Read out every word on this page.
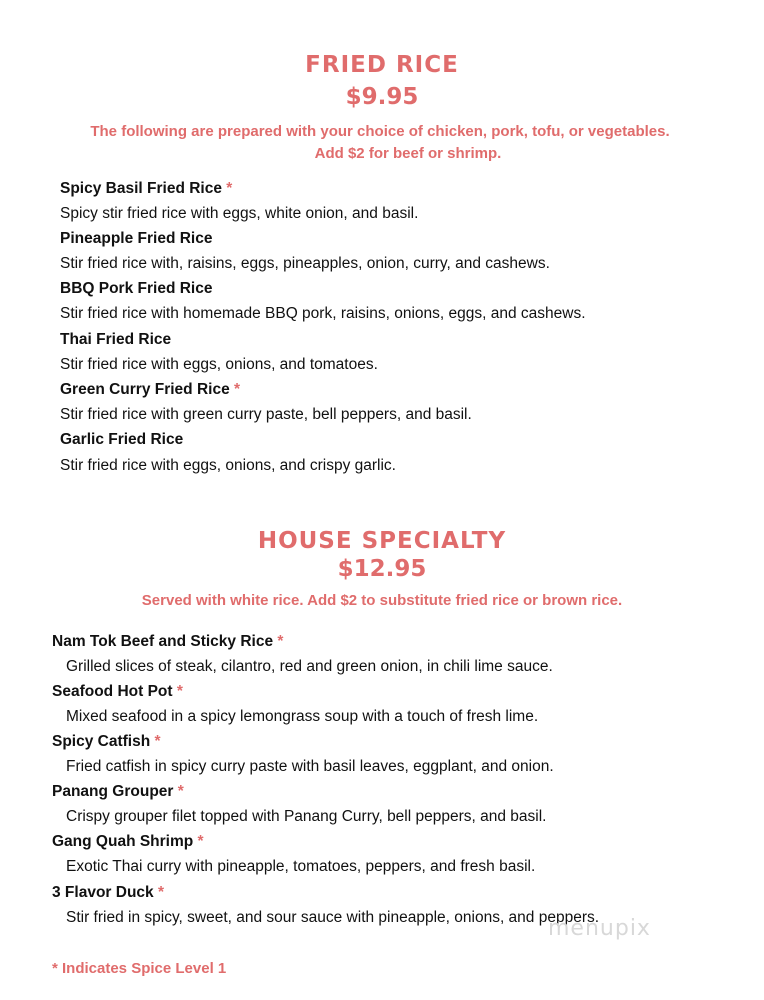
FRIED RICE
$9.95
The following are prepared with your choice of chicken, pork, tofu, or vegetables.
Add $2 for beef or shrimp.
Spicy Basil Fried Rice *
Spicy stir fried rice with eggs, white onion, and basil.
Pineapple Fried Rice
Stir fried rice with, raisins, eggs, pineapples, onion, curry, and cashews.
BBQ Pork Fried Rice
Stir fried rice with homemade BBQ pork, raisins, onions, eggs, and cashews.
Thai Fried Rice
Stir fried rice with eggs, onions, and tomatoes.
Green Curry Fried Rice *
Stir fried rice with green curry paste, bell peppers, and basil.
Garlic Fried Rice
Stir fried rice with eggs, onions, and crispy garlic.
HOUSE SPECIALTY
$12.95
Served with white rice. Add $2 to substitute fried rice or brown rice.
Nam Tok Beef and Sticky Rice *
Grilled slices of steak, cilantro, red and green onion, in chili lime sauce.
Seafood Hot Pot *
Mixed seafood in a spicy lemongrass soup with a touch of fresh lime.
Spicy Catfish *
Fried catfish in spicy curry paste with basil leaves, eggplant, and onion.
Panang Grouper *
Crispy grouper filet topped with Panang Curry, bell peppers, and basil.
Gang Quah Shrimp *
Exotic Thai curry with pineapple, tomatoes, peppers, and fresh basil.
3 Flavor Duck *
Stir fried in spicy, sweet, and sour sauce with pineapple, onions, and peppers.
menupix
* Indicates Spice Level 1
